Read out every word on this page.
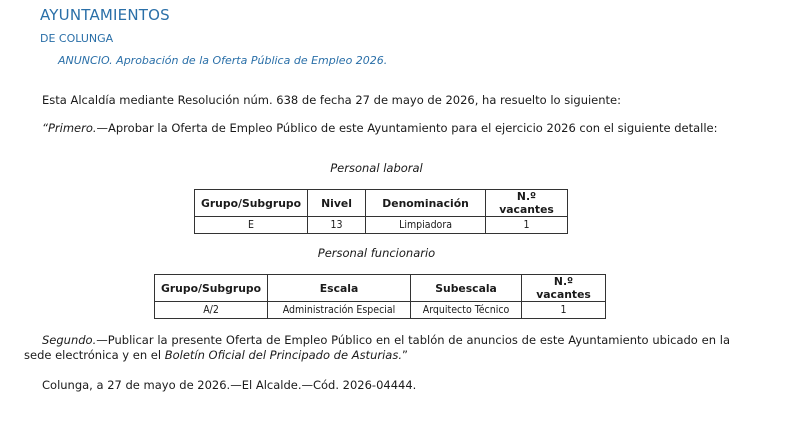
AYUNTAMIENTOS
DE COLUNGA
ANUNCIO. Aprobación de la Oferta Pública de Empleo 2026.
Esta Alcaldía mediante Resolución núm. 638 de fecha 27 de mayo de 2026, ha resuelto lo siguiente:
“Primero.—Aprobar la Oferta de Empleo Público de este Ayuntamiento para el ejercicio 2026 con el siguiente detalle:
Personal laboral
Grupo/Subgrupo	Nivel	Denominación	N.º vacantes
E	13	Limpiadora	1
Personal funcionario
Grupo/Subgrupo	Escala	Subescala	N.º vacantes
A/2	Administración Especial	Arquitecto Técnico	1
Segundo.—Publicar la presente Oferta de Empleo Público en el tablón de anuncios de este Ayuntamiento ubicado en la sede electrónica y en el Boletín Oficial del Principado de Asturias.”
Colunga, a 27 de mayo de 2026.—El Alcalde.—Cód. 2026-04444.
